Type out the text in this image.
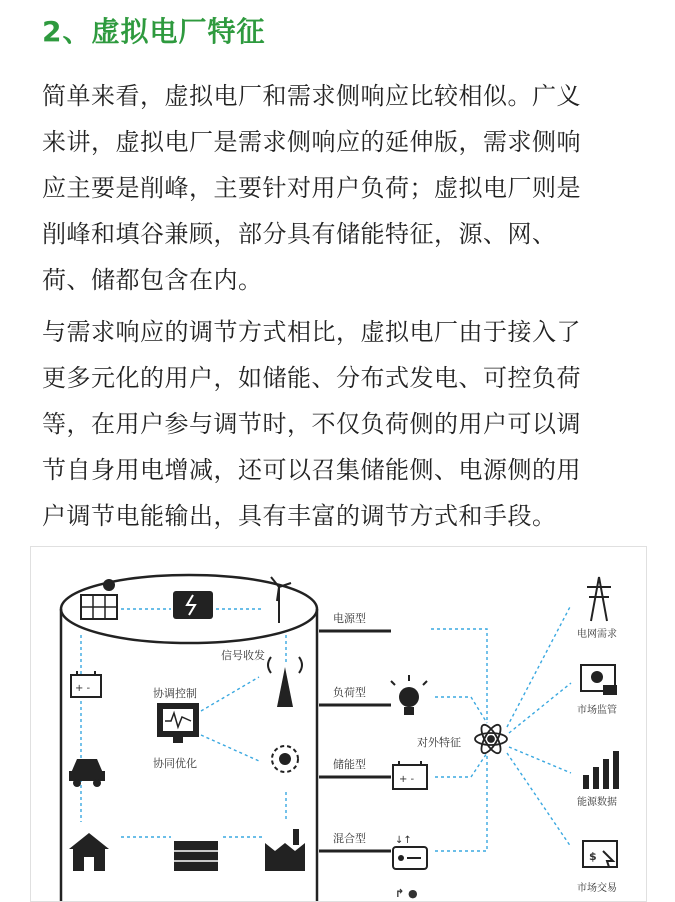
2、虚拟电厂特征
简单来看，虚拟电厂和需求侧响应比较相似。广义
来讲，虚拟电厂是需求侧响应的延伸版，需求侧响
应主要是削峰，主要针对用户负荷；虚拟电厂则是
削峰和填谷兼顾，部分具有储能特征，源、网、
荷、储都包含在内。
与需求响应的调节方式相比，虚拟电厂由于接入了
更多元化的用户，如储能、分布式发电、可控负荷
等，在用户参与调节时，不仅负荷侧的用户可以调
节自身用电增减，还可以召集储能侧、电源侧的用
户调节电能输出，具有丰富的调节方式和手段。
+ -
信号收发
协调控制
协同优化
电源型
负荷型
储能型
混合型
+ -
↓↑
↱ ●
对外特征
电网需求
市场监管
能源数据
$
市场交易
